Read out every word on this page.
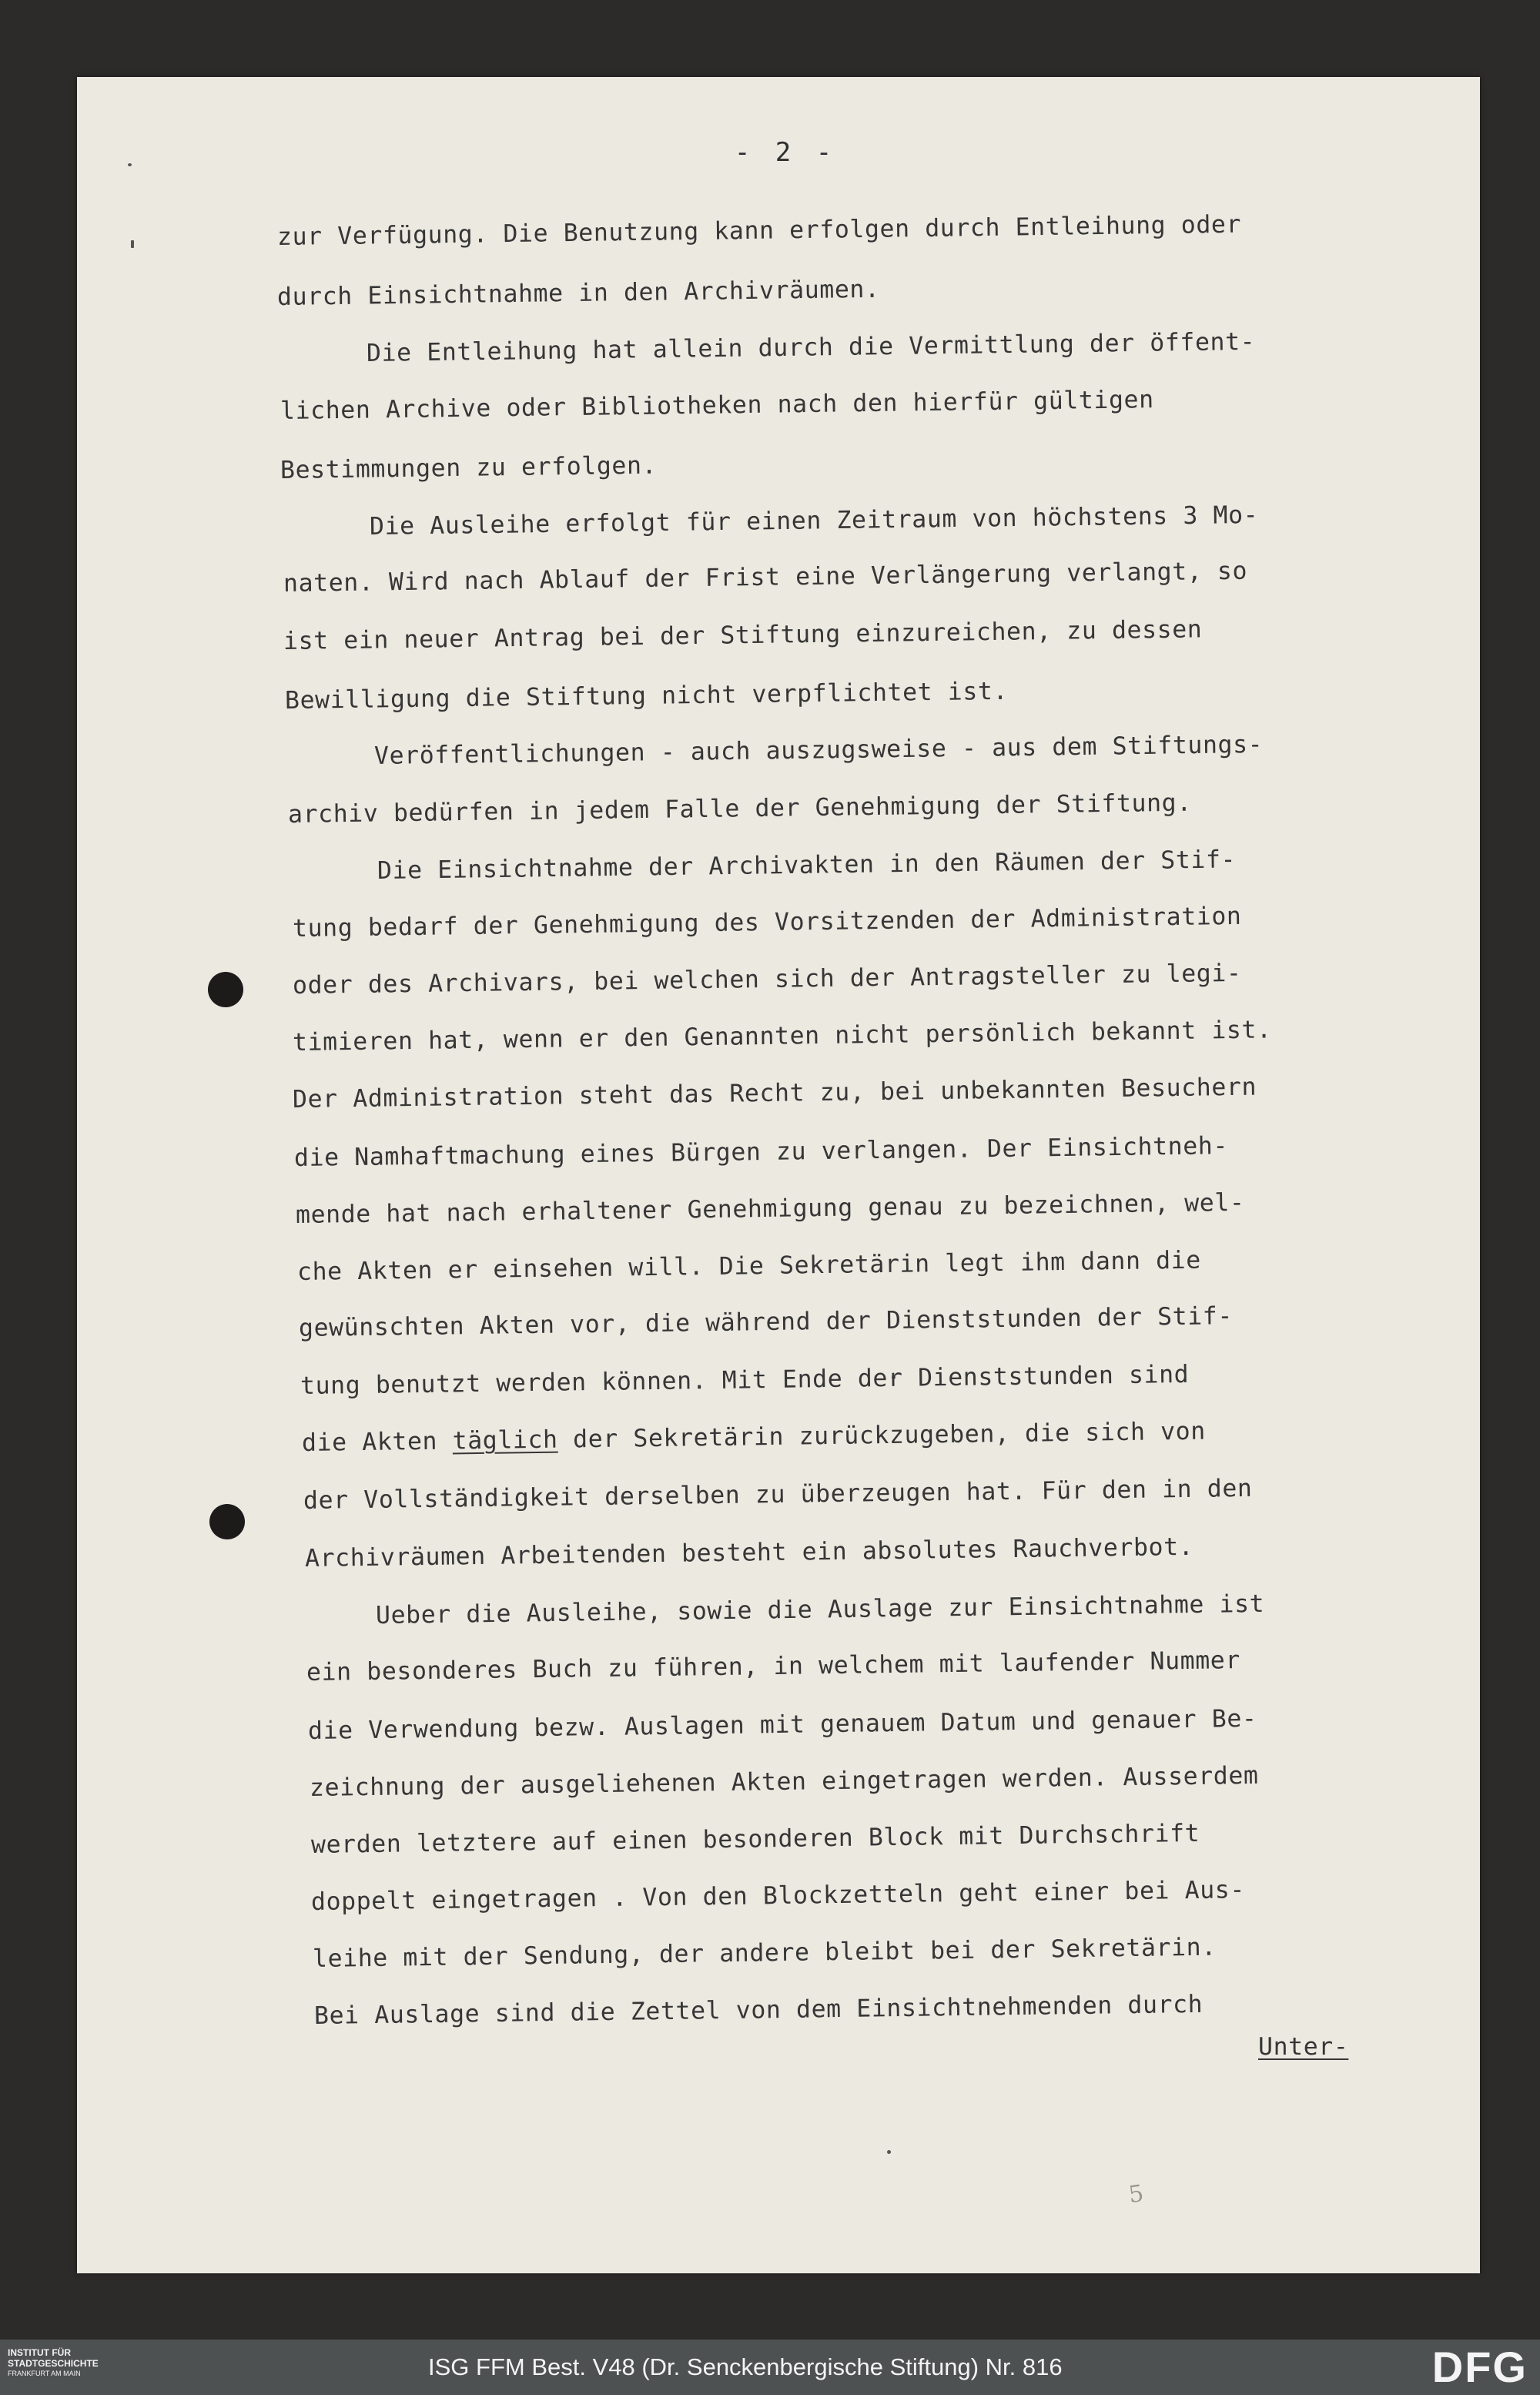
- 2 -
zur Verfügung. Die Benutzung kann erfolgen durch Entleihung oder
durch Einsichtnahme in den Archivräumen.
Die Entleihung hat allein durch die Vermittlung der öffent-
lichen Archive oder Bibliotheken nach den hierfür gültigen
Bestimmungen zu erfolgen.
Die Ausleihe erfolgt für einen Zeitraum von höchstens 3 Mo-
naten. Wird nach Ablauf der Frist eine Verlängerung verlangt, so
ist ein neuer Antrag bei der Stiftung einzureichen, zu dessen
Bewilligung die Stiftung nicht verpflichtet ist.
Veröffentlichungen - auch auszugsweise - aus dem Stiftungs-
archiv bedürfen in jedem Falle der Genehmigung der Stiftung.
Die Einsichtnahme der Archivakten in den Räumen der Stif-
tung bedarf der Genehmigung des Vorsitzenden der Administration
oder des Archivars, bei welchen sich der Antragsteller zu legi-
timieren hat, wenn er den Genannten nicht persönlich bekannt ist.
Der Administration steht das Recht zu, bei unbekannten Besuchern
die Namhaftmachung eines Bürgen zu verlangen. Der Einsichtneh-
mende hat nach erhaltener Genehmigung genau zu bezeichnen, wel-
che Akten er einsehen will. Die Sekretärin legt ihm dann die
gewünschten Akten vor, die während der Dienststunden der Stif-
tung benutzt werden können. Mit Ende der Dienststunden sind
die Akten täglich der Sekretärin zurückzugeben, die sich von
der Vollständigkeit derselben zu überzeugen hat. Für den in den
Archivräumen Arbeitenden besteht ein absolutes Rauchverbot.
Ueber die Ausleihe, sowie die Auslage zur Einsichtnahme ist
ein besonderes Buch zu führen, in welchem mit laufender Nummer
die Verwendung bezw. Auslagen mit genauem Datum und genauer Be-
zeichnung der ausgeliehenen Akten eingetragen werden. Ausserdem
werden letztere auf einen besonderen Block mit Durchschrift
doppelt eingetragen . Von den Blockzetteln geht einer bei Aus-
leihe mit der Sendung, der andere bleibt bei der Sekretärin.
Bei Auslage sind die Zettel von dem Einsichtnehmenden durch
Unter-
5
INSTITUT FÜR
STADTGESCHICHTE
FRANKFURT AM MAIN	ISG FFM Best. V48 (Dr. Senckenbergische Stiftung) Nr. 816	DFG
